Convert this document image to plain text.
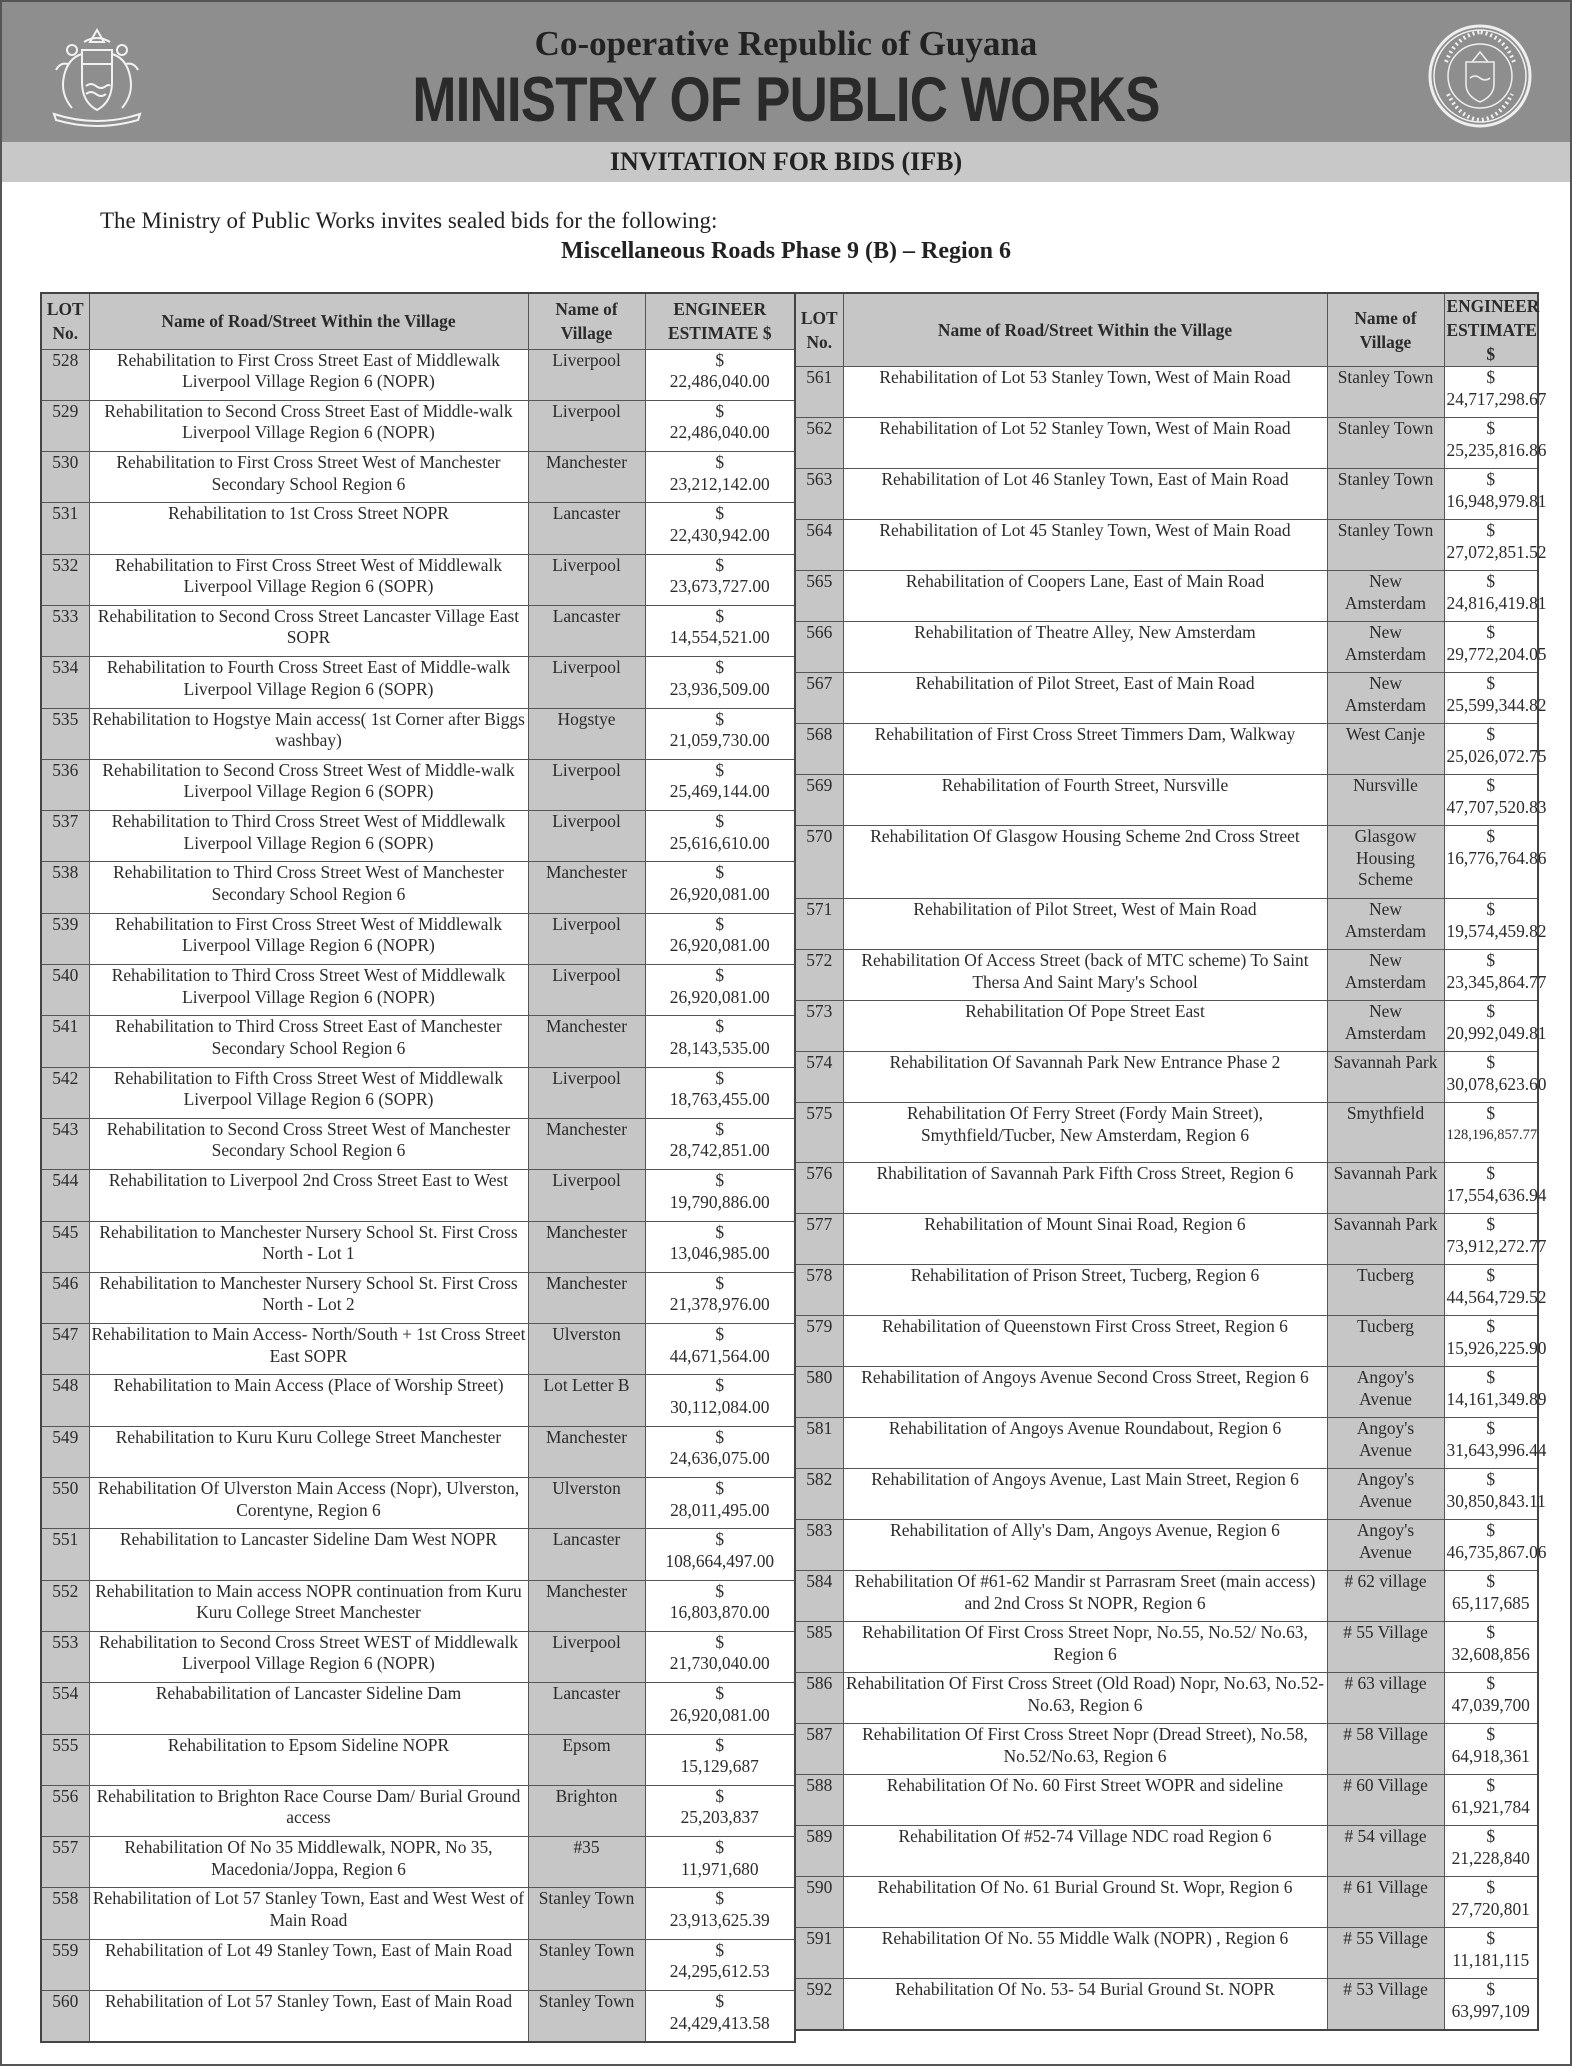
Co-operative Republic of Guyana
MINISTRY OF PUBLIC WORKS
INVITATION FOR BIDS (IFB)
The Ministry of Public Works invites sealed bids for the following:
Miscellaneous Roads Phase 9 (B) – Region 6
LOT No.	Name of Road/Street Within the Village	Name of Village	ENGINEER ESTIMATE $
528	Rehabilitation to First Cross Street East of Middlewalk Liverpool Village Region 6 (NOPR)	Liverpool	$
22,486,040.00

529	Rehabilitation to Second Cross Street East of Middle-walk Liverpool Village Region 6 (NOPR)	Liverpool	$
22,486,040.00

530	Rehabilitation to First Cross Street West of Manchester Secondary School Region 6	Manchester	$
23,212,142.00

531	Rehabilitation to 1st Cross Street NOPR	Lancaster	$
22,430,942.00

532	Rehabilitation to First Cross Street West of Middlewalk Liverpool Village Region 6 (SOPR)	Liverpool	$
23,673,727.00

533	Rehabilitation to Second Cross Street Lancaster Village East SOPR	Lancaster	$
14,554,521.00

534	Rehabilitation to Fourth Cross Street East of Middle-walk Liverpool Village Region 6 (SOPR)	Liverpool	$
23,936,509.00

535	Rehabilitation to Hogstye Main access( 1st Corner after Biggs washbay)	Hogstye	$
21,059,730.00

536	Rehabilitation to Second Cross Street West of Middle-walk Liverpool Village Region 6 (SOPR)	Liverpool	$
25,469,144.00

537	Rehabilitation to Third Cross Street West of Middlewalk Liverpool Village Region 6 (SOPR)	Liverpool	$
25,616,610.00

538	Rehabilitation to Third Cross Street West of Manchester Secondary School Region 6	Manchester	$
26,920,081.00

539	Rehabilitation to First Cross Street West of Middlewalk Liverpool Village Region 6 (NOPR)	Liverpool	$
26,920,081.00

540	Rehabilitation to Third Cross Street West of Middlewalk Liverpool Village Region 6 (NOPR)	Liverpool	$
26,920,081.00

541	Rehabilitation to Third Cross Street East of Manchester Secondary School Region 6	Manchester	$
28,143,535.00

542	Rehabilitation to Fifth Cross Street West of Middlewalk Liverpool Village Region 6 (SOPR)	Liverpool	$
18,763,455.00

543	Rehabilitation to Second Cross Street West of Manchester Secondary School Region 6	Manchester	$
28,742,851.00

544	Rehabilitation to Liverpool 2nd Cross Street East to West	Liverpool	$
19,790,886.00

545	Rehabilitation to Manchester Nursery School St. First Cross North - Lot 1	Manchester	$
13,046,985.00

546	Rehabilitation to Manchester Nursery School St. First Cross North - Lot 2	Manchester	$
21,378,976.00

547	Rehabilitation to Main Access- North/South + 1st Cross Street East SOPR	Ulverston	$
44,671,564.00

548	Rehabilitation to Main Access (Place of Worship Street)	Lot Letter B	$
30,112,084.00

549	Rehabilitation to Kuru Kuru College Street Manchester	Manchester	$
24,636,075.00

550	Rehabilitation Of Ulverston Main Access (Nopr), Ulverston, Corentyne, Region 6	Ulverston	$
28,011,495.00

551	Rehabilitation to Lancaster Sideline Dam West NOPR	Lancaster	$
108,664,497.00

552	Rehabilitation to Main access NOPR continuation from Kuru Kuru College Street Manchester	Manchester	$
16,803,870.00

553	Rehabilitation to Second Cross Street WEST of Middlewalk Liverpool Village Region 6 (NOPR)	Liverpool	$
21,730,040.00

554	Rehababilitation of Lancaster Sideline Dam	Lancaster	$
26,920,081.00

555	Rehabilitation to Epsom Sideline NOPR	Epsom	$
15,129,687

556	Rehabilitation to Brighton Race Course Dam/ Burial Ground access	Brighton	$
25,203,837

557	Rehabilitation Of No 35 Middlewalk, NOPR, No 35, Macedonia/Joppa, Region 6	#35	$
11,971,680

558	Rehabilitation of Lot 57 Stanley Town, East and West West of Main Road	Stanley Town	$
23,913,625.39

559	Rehabilitation of Lot 49 Stanley Town, East of Main Road	Stanley Town	$
24,295,612.53

560	Rehabilitation of Lot 57 Stanley Town, East of Main Road	Stanley Town	$
24,429,413.58
LOT No.	Name of Road/Street Within the Village	Name of Village	ENGINEER ESTIMATE $
561	Rehabilitation of Lot 53 Stanley Town, West of Main Road	Stanley Town	$
24,717,298.67

562	Rehabilitation of Lot 52 Stanley Town, West of Main Road	Stanley Town	$
25,235,816.86

563	Rehabilitation of Lot 46 Stanley Town, East of Main Road	Stanley Town	$
16,948,979.81

564	Rehabilitation of Lot 45 Stanley Town, West of Main Road	Stanley Town	$
27,072,851.52

565	Rehabilitation of Coopers Lane, East of Main Road	New Amsterdam	$
24,816,419.81

566	Rehabilitation of Theatre Alley, New Amsterdam	New Amsterdam	$
29,772,204.05

567	Rehabilitation of Pilot Street, East of Main Road	New Amsterdam	$
25,599,344.82

568	Rehabilitation of First Cross Street Timmers Dam, Walkway	West Canje	$
25,026,072.75

569	Rehabilitation of Fourth Street, Nursville	Nursville	$
47,707,520.83

570	Rehabilitation Of Glasgow Housing Scheme 2nd Cross Street	Glasgow Housing Scheme	$
16,776,764.86

571	Rehabilitation of Pilot Street, West of Main Road	New Amsterdam	$
19,574,459.82

572	Rehabilitation Of Access Street (back of MTC scheme) To Saint Thersa And Saint Mary's School	New Amsterdam	$
23,345,864.77

573	Rehabilitation Of Pope Street East	New Amsterdam	$
20,992,049.81

574	Rehabilitation Of Savannah Park New Entrance Phase 2	Savannah Park	$
30,078,623.60

575	Rehabilitation Of Ferry Street (Fordy Main Street), Smythfield/Tucber, New Amsterdam, Region 6	Smythfield	$
128,196,857.77

576	Rhabilitation of Savannah Park Fifth Cross Street, Region 6	Savannah Park	$
17,554,636.94

577	Rehabilitation of Mount Sinai Road, Region 6	Savannah Park	$
73,912,272.77

578	Rehabilitation of Prison Street, Tucberg, Region 6	Tucberg	$
44,564,729.52

579	Rehabilitation of Queenstown First Cross Street, Region 6	Tucberg	$
15,926,225.90

580	Rehabilitation of Angoys Avenue Second Cross Street, Region 6	Angoy's Avenue	$
14,161,349.89

581	Rehabilitation of Angoys Avenue Roundabout, Region 6	Angoy's Avenue	$
31,643,996.44

582	Rehabilitation of Angoys Avenue, Last Main Street, Region 6	Angoy's Avenue	$
30,850,843.11

583	Rehabilitation of Ally's Dam, Angoys Avenue, Region 6	Angoy's Avenue	$
46,735,867.06

584	Rehabilitation Of #61-62 Mandir st Parrasram Sreet (main access) and 2nd Cross St NOPR, Region 6	# 62 village	$
65,117,685

585	Rehabilitation Of First Cross Street Nopr, No.55, No.52/ No.63, Region 6	# 55 Village	$
32,608,856

586	Rehabilitation Of First Cross Street (Old Road) Nopr, No.63, No.52-No.63, Region 6	# 63 village	$
47,039,700

587	Rehabilitation Of First Cross Street Nopr (Dread Street), No.58, No.52/No.63, Region 6	# 58 Village	$
64,918,361

588	Rehabilitation Of No. 60 First Street WOPR and sideline	# 60 Village	$
61,921,784

589	Rehabilitation Of #52-74 Village NDC road Region 6	# 54 village	$
21,228,840

590	Rehabilitation Of No. 61 Burial Ground St. Wopr, Region 6	# 61 Village	$
27,720,801

591	Rehabilitation Of No. 55 Middle Walk (NOPR) , Region 6	# 55 Village	$
11,181,115

592	Rehabilitation Of No. 53- 54 Burial Ground St. NOPR	# 53 Village	$
63,997,109
